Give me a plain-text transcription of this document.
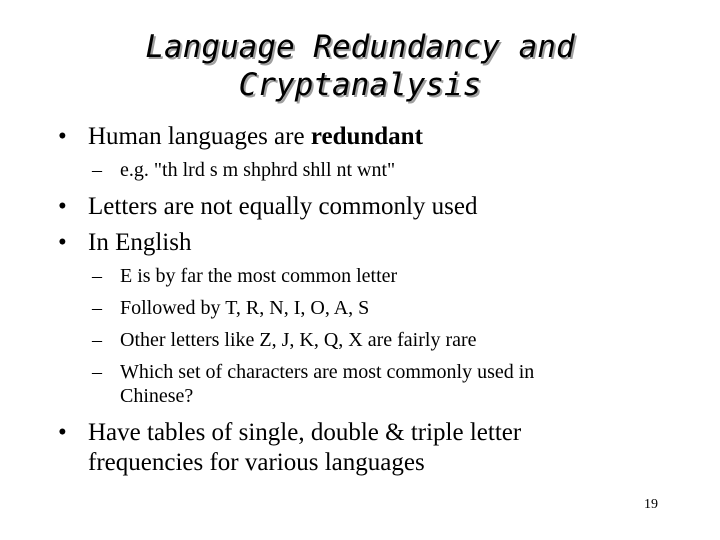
Language Redundancy and
Cryptanalysis
• Human languages are redundant
– e.g. "th lrd s m shphrd shll nt wnt"
• Letters are not equally commonly used
• In English
– E is by far the most common letter
– Followed by T, R, N, I, O, A, S
– Other letters like Z, J, K, Q, X are fairly rare
– Which set of characters are most commonly used in
Chinese?
• Have tables of single, double & triple letter
frequencies for various languages
19
